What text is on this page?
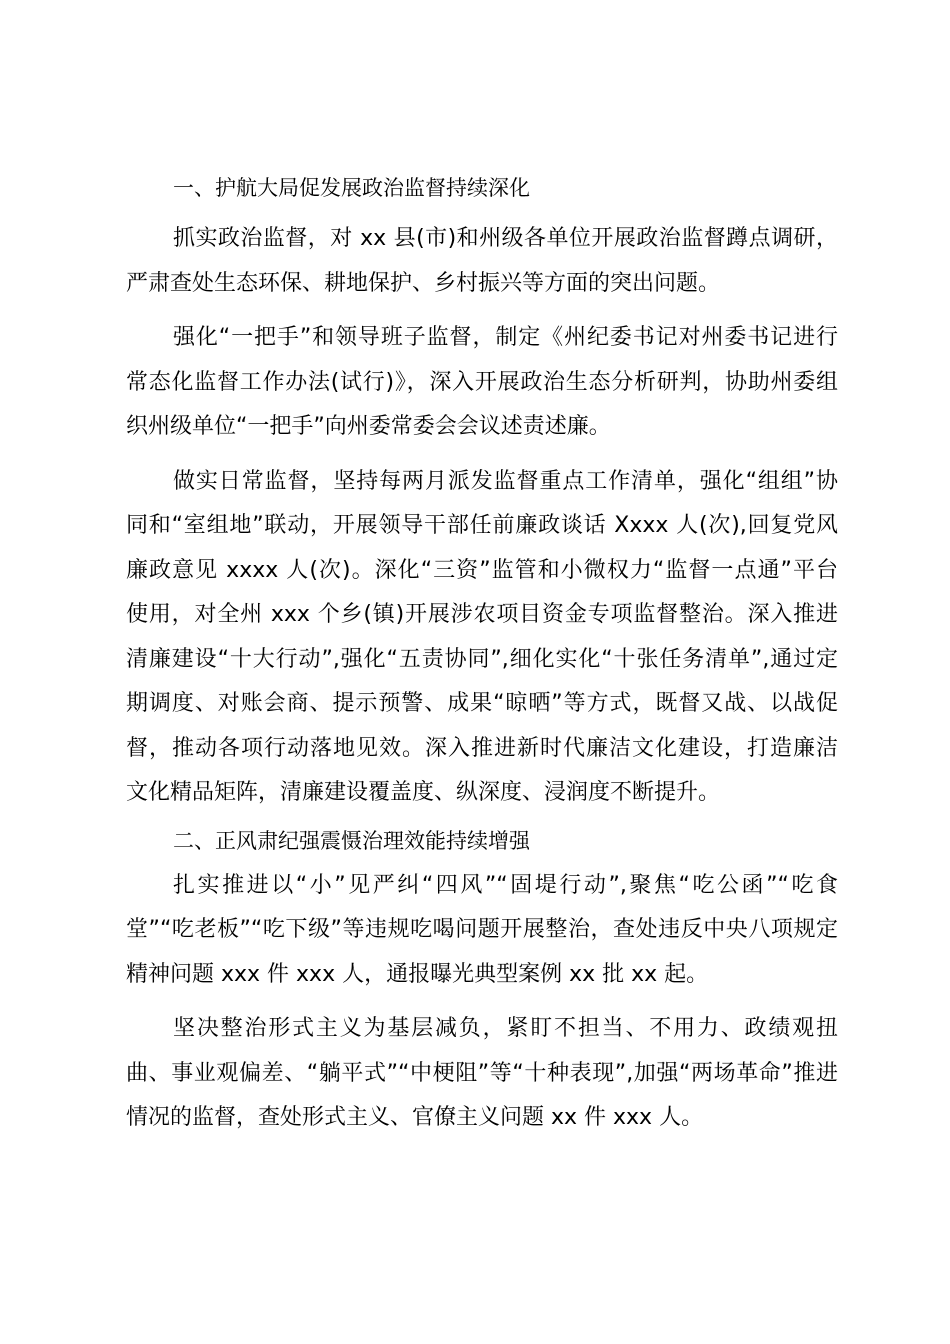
一、护航大局促发展政治监督持续深化
抓实政治监督，对 xx 县(市)和州级各单位开展政治监督蹲点调研，
严肃查处生态环保、耕地保护、乡村振兴等方面的突出问题。
强化“一把手”和领导班子监督，制定《州纪委书记对州委书记进行
常态化监督工作办法(试行)》，深入开展政治生态分析研判，协助州委组
织州级单位“一把手”向州委常委会会议述责述廉。
做实日常监督，坚持每两月派发监督重点工作清单，强化“组组”协
同和“室组地”联动，开展领导干部任前廉政谈话 Xxxx 人(次),回复党风
廉政意见 xxxx 人(次)。深化“三资”监管和小微权力“监督一点通”平台
使用，对全州 xxx 个乡(镇)开展涉农项目资金专项监督整治。深入推进
清廉建设“十大行动”,强化“五责协同”,细化实化“十张任务清单”,通过定
期调度、对账会商、提示预警、成果“晾晒”等方式，既督又战、以战促
督，推动各项行动落地见效。深入推进新时代廉洁文化建设，打造廉洁
文化精品矩阵，清廉建设覆盖度、纵深度、浸润度不断提升。
二、正风肃纪强震慑治理效能持续增强
扎实推进以“小”见严纠“四风”“固堤行动”,聚焦“吃公函”“吃食
堂”“吃老板”“吃下级”等违规吃喝问题开展整治，查处违反中央八项规定
精神问题 xxx 件 xxx 人，通报曝光典型案例 xx 批 xx 起。
坚决整治形式主义为基层减负，紧盯不担当、不用力、政绩观扭
曲、事业观偏差、“躺平式”“中梗阻”等“十种表现”,加强“两场革命”推进
情况的监督，查处形式主义、官僚主义问题 xx 件 xxx 人。
